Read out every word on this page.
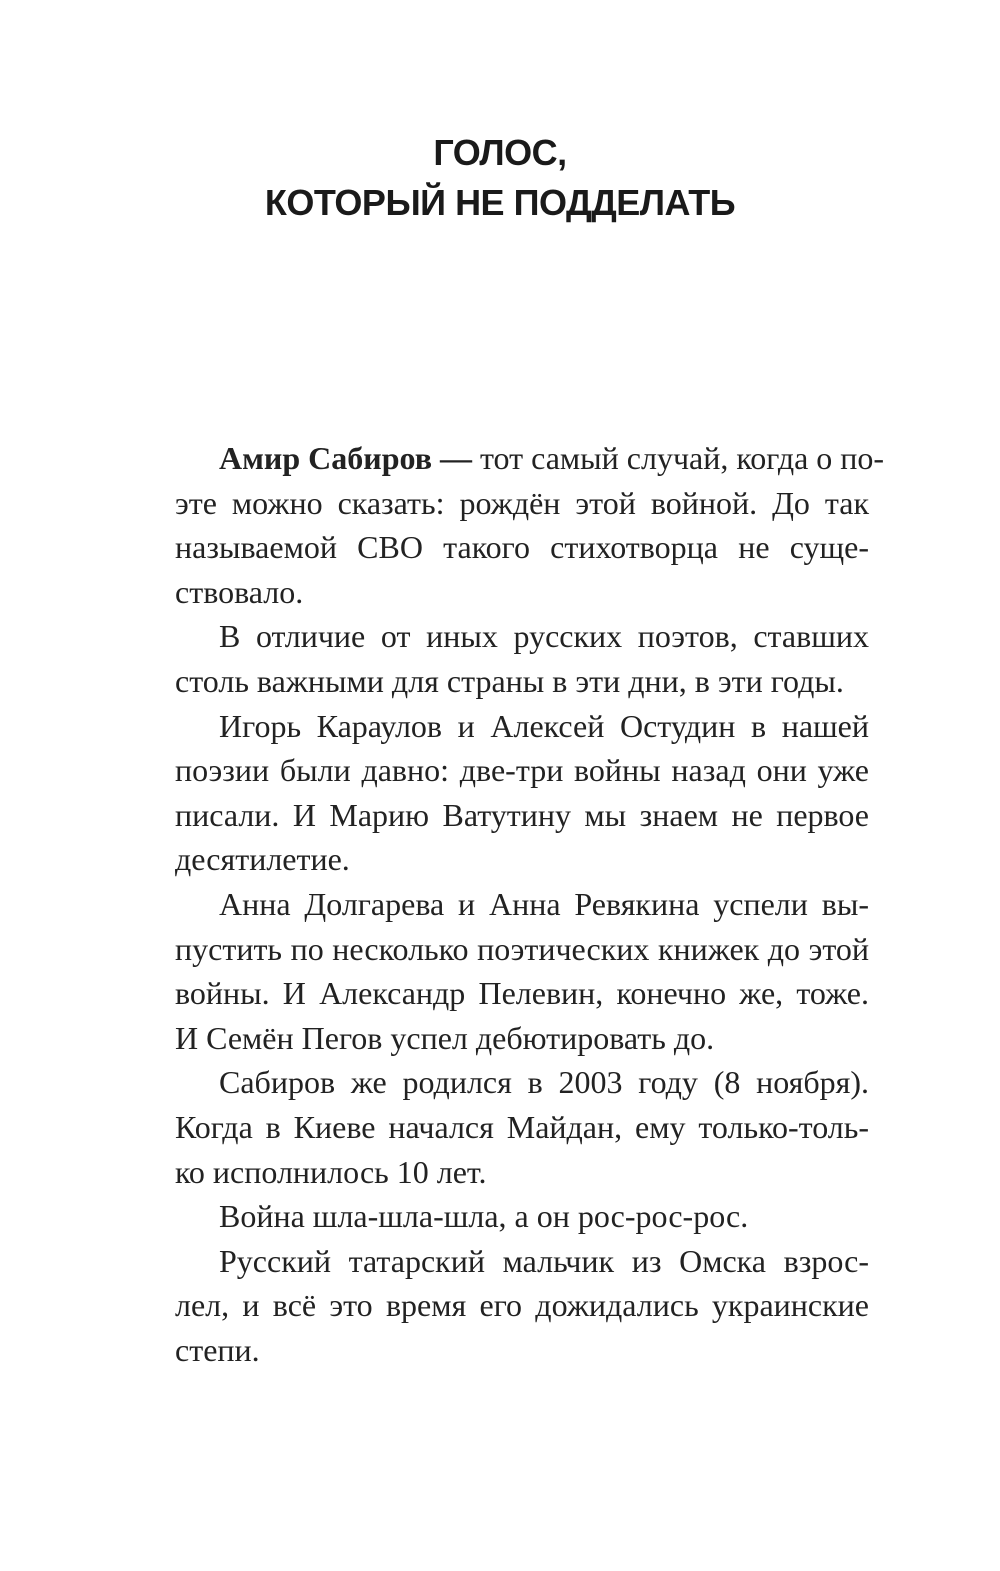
ГОЛОС,
КОТОРЫЙ НЕ ПОДДЕЛАТЬ
Амир Сабиров — тот самый случай, когда о по-
эте можно сказать: рождён этой войной. До так
называемой СВО такого стихотворца не суще-
ствовало.
В отличие от иных русских поэтов, ставших
столь важными для страны в эти дни, в эти годы.
Игорь Караулов и Алексей Остудин в нашей
поэзии были давно: две-три войны назад они уже
писали. И Марию Ватутину мы знаем не первое
десятилетие.
Анна Долгарева и Анна Ревякина успели вы-
пустить по несколько поэтических книжек до этой
войны. И Александр Пелевин, конечно же, тоже.
И Семён Пегов успел дебютировать до.
Сабиров же родился в 2003 году (8 ноября).
Когда в Киеве начался Майдан, ему только-толь-
ко исполнилось 10 лет.
Война шла-шла-шла, а он рос-рос-рос.
Русский татарский мальчик из Омска взрос-
лел, и всё это время его дожидались украинские
степи.
